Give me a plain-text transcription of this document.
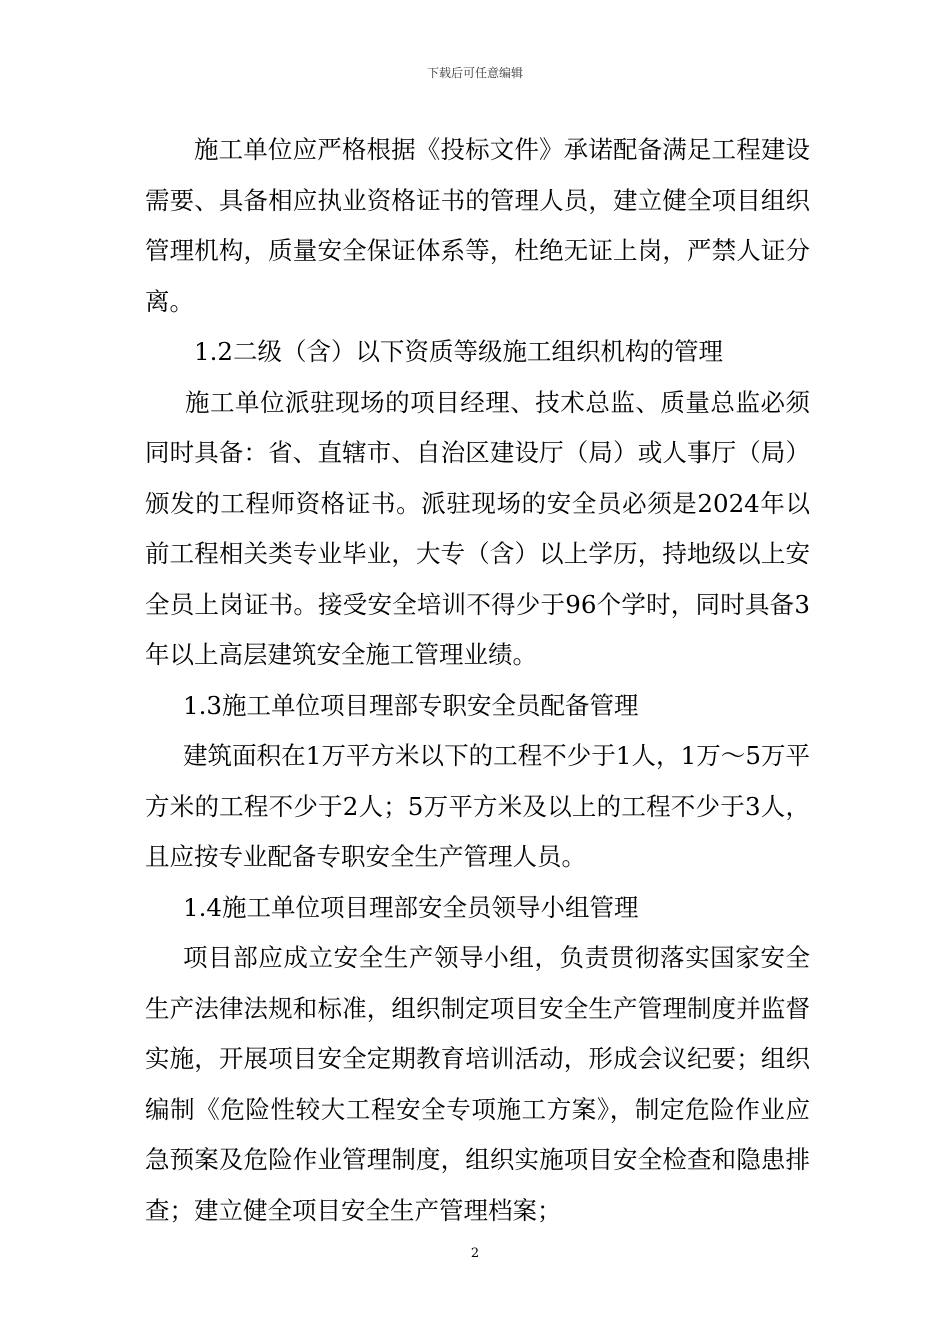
下载后可任意编辑

施工单位应严格根据《投标文件》承诺配备满足工程建设需要、具备相应执业资格证书的管理人员，建立健全项目组织管理机构，质量安全保证体系等，杜绝无证上岗，严禁人证分离。

1.2二级（含）以下资质等级施工组织机构的管理

施工单位派驻现场的项目经理、技术总监、质量总监必须同时具备：省、直辖市、自治区建设厅（局）或人事厅（局）颁发的工程师资格证书。派驻现场的安全员必须是2024年以前工程相关类专业毕业，大专（含）以上学历，持地级以上安全员上岗证书。接受安全培训不得少于96个学时，同时具备3年以上高层建筑安全施工管理业绩。

1.3施工单位项目理部专职安全员配备管理

建筑面积在1万平方米以下的工程不少于1人，1万～5万平方米的工程不少于2人；5万平方米及以上的工程不少于3人，且应按专业配备专职安全生产管理人员。

1.4施工单位项目理部安全员领导小组管理

项目部应成立安全生产领导小组，负责贯彻落实国家安全生产法律法规和标准，组织制定项目安全生产管理制度并监督实施，开展项目安全定期教育培训活动，形成会议纪要；组织编制《危险性较大工程安全专项施工方案》，制定危险作业应急预案及危险作业管理制度，组织实施项目安全检查和隐患排查；建立健全项目安全生产管理档案；

2
